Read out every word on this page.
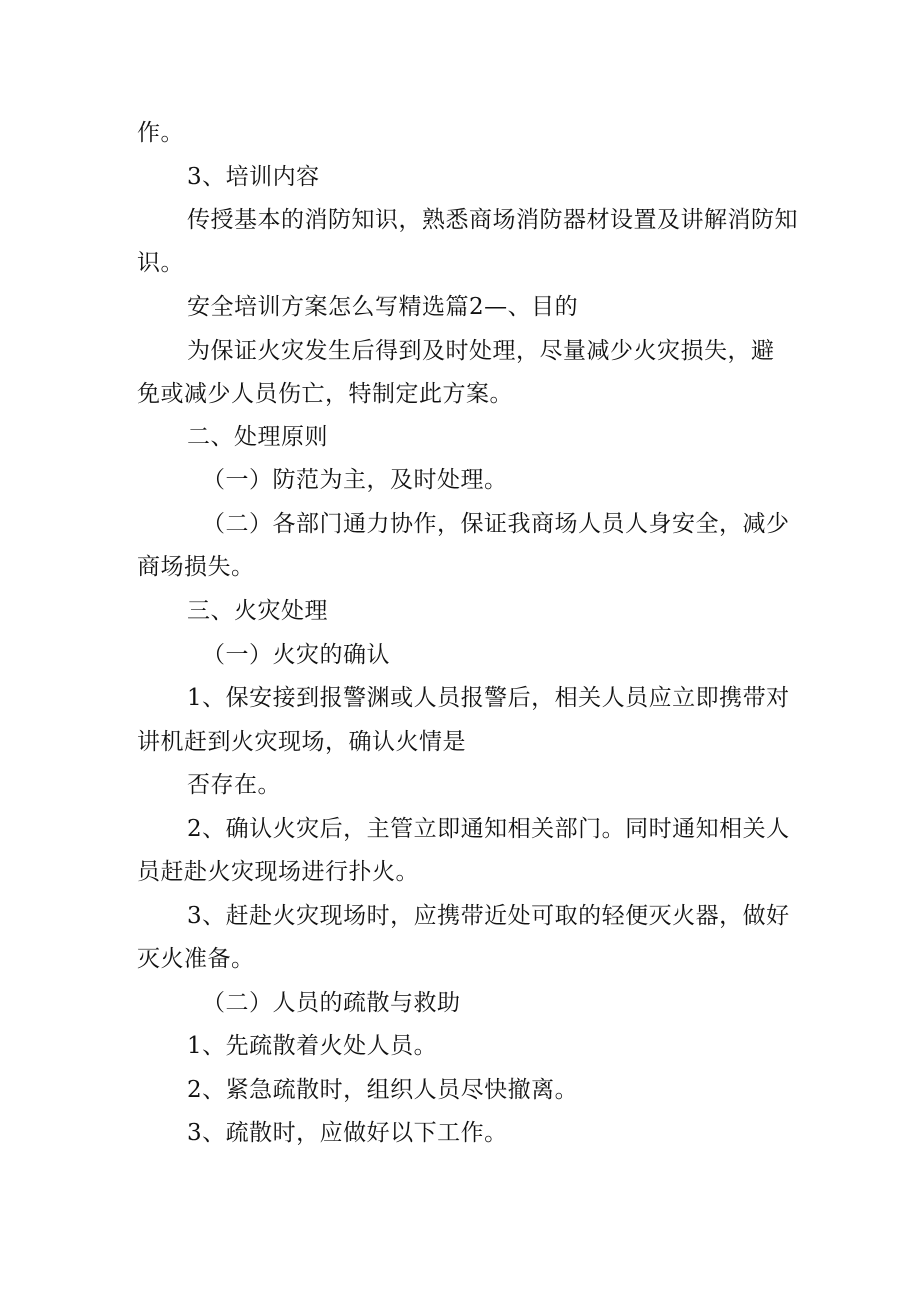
作。
3、培训内容
传授基本的消防知识，熟悉商场消防器材设置及讲解消防知
识。
安全培训方案怎么写精选篇2—、目的
为保证火灾发生后得到及时处理，尽量减少火灾损失，避
免或减少人员伤亡，特制定此方案。
二、处理原则
（一）防范为主，及时处理。
（二）各部门通力协作，保证我商场人员人身安全，减少
商场损失。
三、火灾处理
（一）火灾的确认
1、保安接到报警渊或人员报警后，相关人员应立即携带对
讲机赶到火灾现场，确认火情是
否存在。
2、确认火灾后，主管立即通知相关部门。同时通知相关人
员赶赴火灾现场进行扑火。
3、赶赴火灾现场时，应携带近处可取的轻便灭火器，做好
灭火准备。
（二）人员的疏散与救助
1、先疏散着火处人员。
2、紧急疏散时，组织人员尽快撤离。
3、疏散时，应做好以下工作。
